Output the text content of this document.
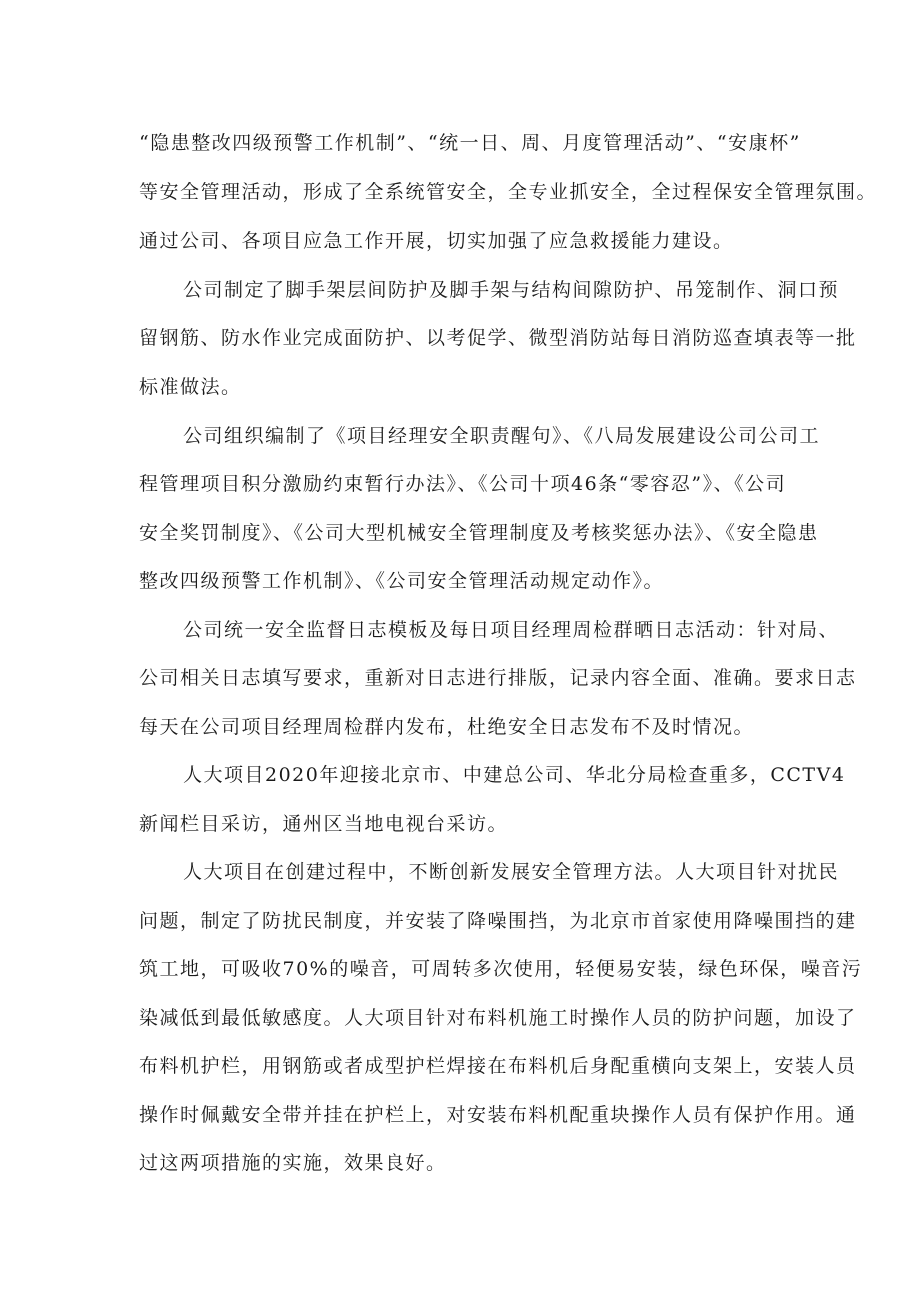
“隐患整改四级预警工作机制”、“统一日、周、月度管理活动”、“安康杯”
等安全管理活动，形成了全系统管安全，全专业抓安全，全过程保安全管理氛围。
通过公司、各项目应急工作开展，切实加强了应急救援能力建设。
公司制定了脚手架层间防护及脚手架与结构间隙防护、吊笼制作、洞口预
留钢筋、防水作业完成面防护、以考促学、微型消防站每日消防巡查填表等一批
标准做法。
公司组织编制了《项目经理安全职责醒句》、《八局发展建设公司公司工
程管理项目积分激励约束暂行办法》、《公司十项46条“零容忍”》、《公司
安全奖罚制度》、《公司大型机械安全管理制度及考核奖惩办法》、《安全隐患
整改四级预警工作机制》、《公司安全管理活动规定动作》。
公司统一安全监督日志模板及每日项目经理周检群晒日志活动：针对局、
公司相关日志填写要求，重新对日志进行排版，记录内容全面、准确。要求日志
每天在公司项目经理周检群内发布，杜绝安全日志发布不及时情况。
人大项目2020年迎接北京市、中建总公司、华北分局检查重多，CCTV4
新闻栏目采访，通州区当地电视台采访。
人大项目在创建过程中，不断创新发展安全管理方法。人大项目针对扰民
问题，制定了防扰民制度，并安装了降噪围挡，为北京市首家使用降噪围挡的建
筑工地，可吸收70%的噪音，可周转多次使用，轻便易安装，绿色环保，噪音污
染减低到最低敏感度。人大项目针对布料机施工时操作人员的防护问题，加设了
布料机护栏，用钢筋或者成型护栏焊接在布料机后身配重横向支架上，安装人员
操作时佩戴安全带并挂在护栏上，对安装布料机配重块操作人员有保护作用。通
过这两项措施的实施，效果良好。
